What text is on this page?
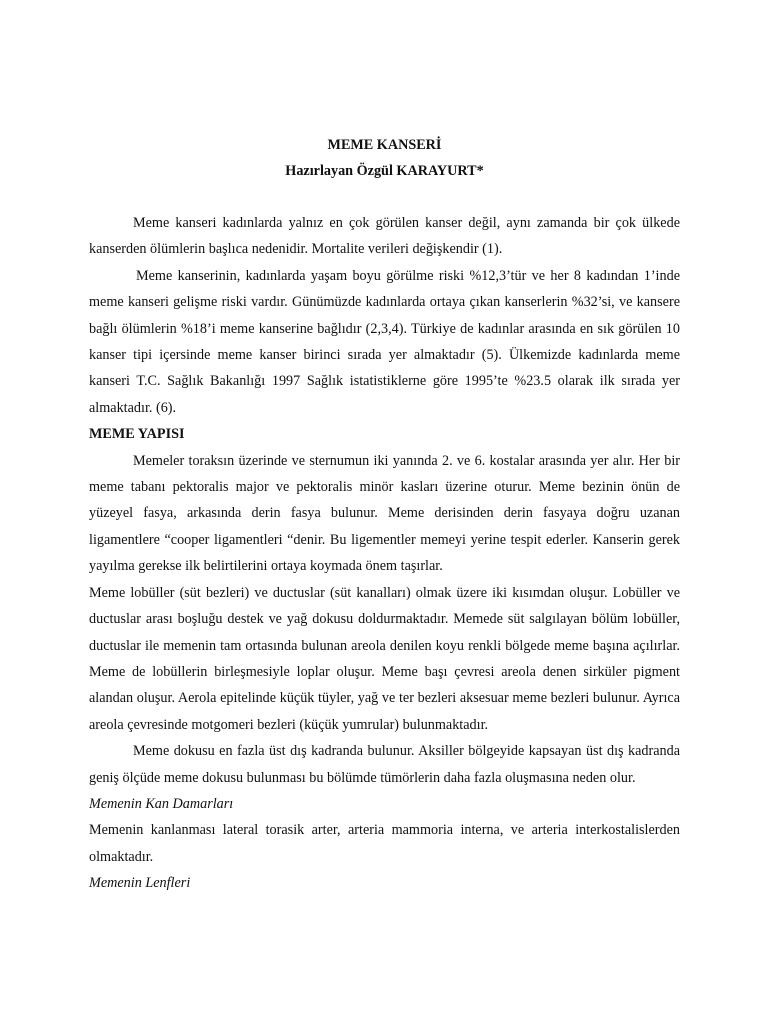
MEME KANSERİ

Hazırlayan Özgül KARAYURT*

Meme kanseri kadınlarda yalnız en çok görülen kanser değil, aynı zamanda bir çok ülkede kanserden ölümlerin başlıca nedenidir. Mortalite verileri değişkendir (1).

Meme kanserinin, kadınlarda yaşam boyu görülme riski %12,3’tür ve her 8 kadından 1’inde meme kanseri gelişme riski vardır. Günümüzde kadınlarda ortaya çıkan kanserlerin %32’si, ve kansere bağlı ölümlerin %18’i meme kanserine bağlıdır (2,3,4). Türkiye de kadınlar arasında en sık görülen 10 kanser tipi içersinde meme kanser birinci sırada yer almaktadır (5). Ülkemizde kadınlarda meme kanseri T.C. Sağlık Bakanlığı 1997 Sağlık istatistiklerne göre 1995’te %23.5 olarak ilk sırada yer almaktadır. (6).

MEME YAPISI

Memeler toraksın üzerinde ve sternumun iki yanında 2. ve 6. kostalar arasında yer alır. Her bir meme tabanı pektoralis major ve pektoralis minör kasları üzerine oturur. Meme bezinin önün de yüzeyel fasya, arkasında derin fasya bulunur. Meme derisinden derin fasyaya doğru uzanan ligamentlere “cooper ligamentleri “denir. Bu ligementler memeyi yerine tespit ederler. Kanserin gerek yayılma gerekse ilk belirtilerini ortaya koymada önem taşırlar.

Meme lobüller (süt bezleri) ve ductuslar (süt kanalları) olmak üzere iki kısımdan oluşur. Lobüller ve ductuslar arası boşluğu destek ve yağ dokusu doldurmaktadır. Memede süt salgılayan bölüm lobüller, ductuslar ile memenin tam ortasında bulunan areola denilen koyu renkli bölgede meme başına açılırlar. Meme de lobüllerin birleşmesiyle loplar oluşur. Meme başı çevresi areola denen sirküler pigment alandan oluşur. Aerola epitelinde küçük tüyler, yağ ve ter bezleri aksesuar meme bezleri bulunur. Ayrıca areola çevresinde motgomeri bezleri (küçük yumrular) bulunmaktadır.

Meme dokusu en fazla üst dış kadranda bulunur. Aksiller bölgeyide kapsayan üst dış kadranda geniş ölçüde meme dokusu bulunması bu bölümde tümörlerin daha fazla oluşmasına neden olur.

Memenin Kan Damarları

Memenin kanlanması lateral torasik arter, arteria mammoria interna, ve arteria interkostalislerden olmaktadır.

Memenin Lenfleri
